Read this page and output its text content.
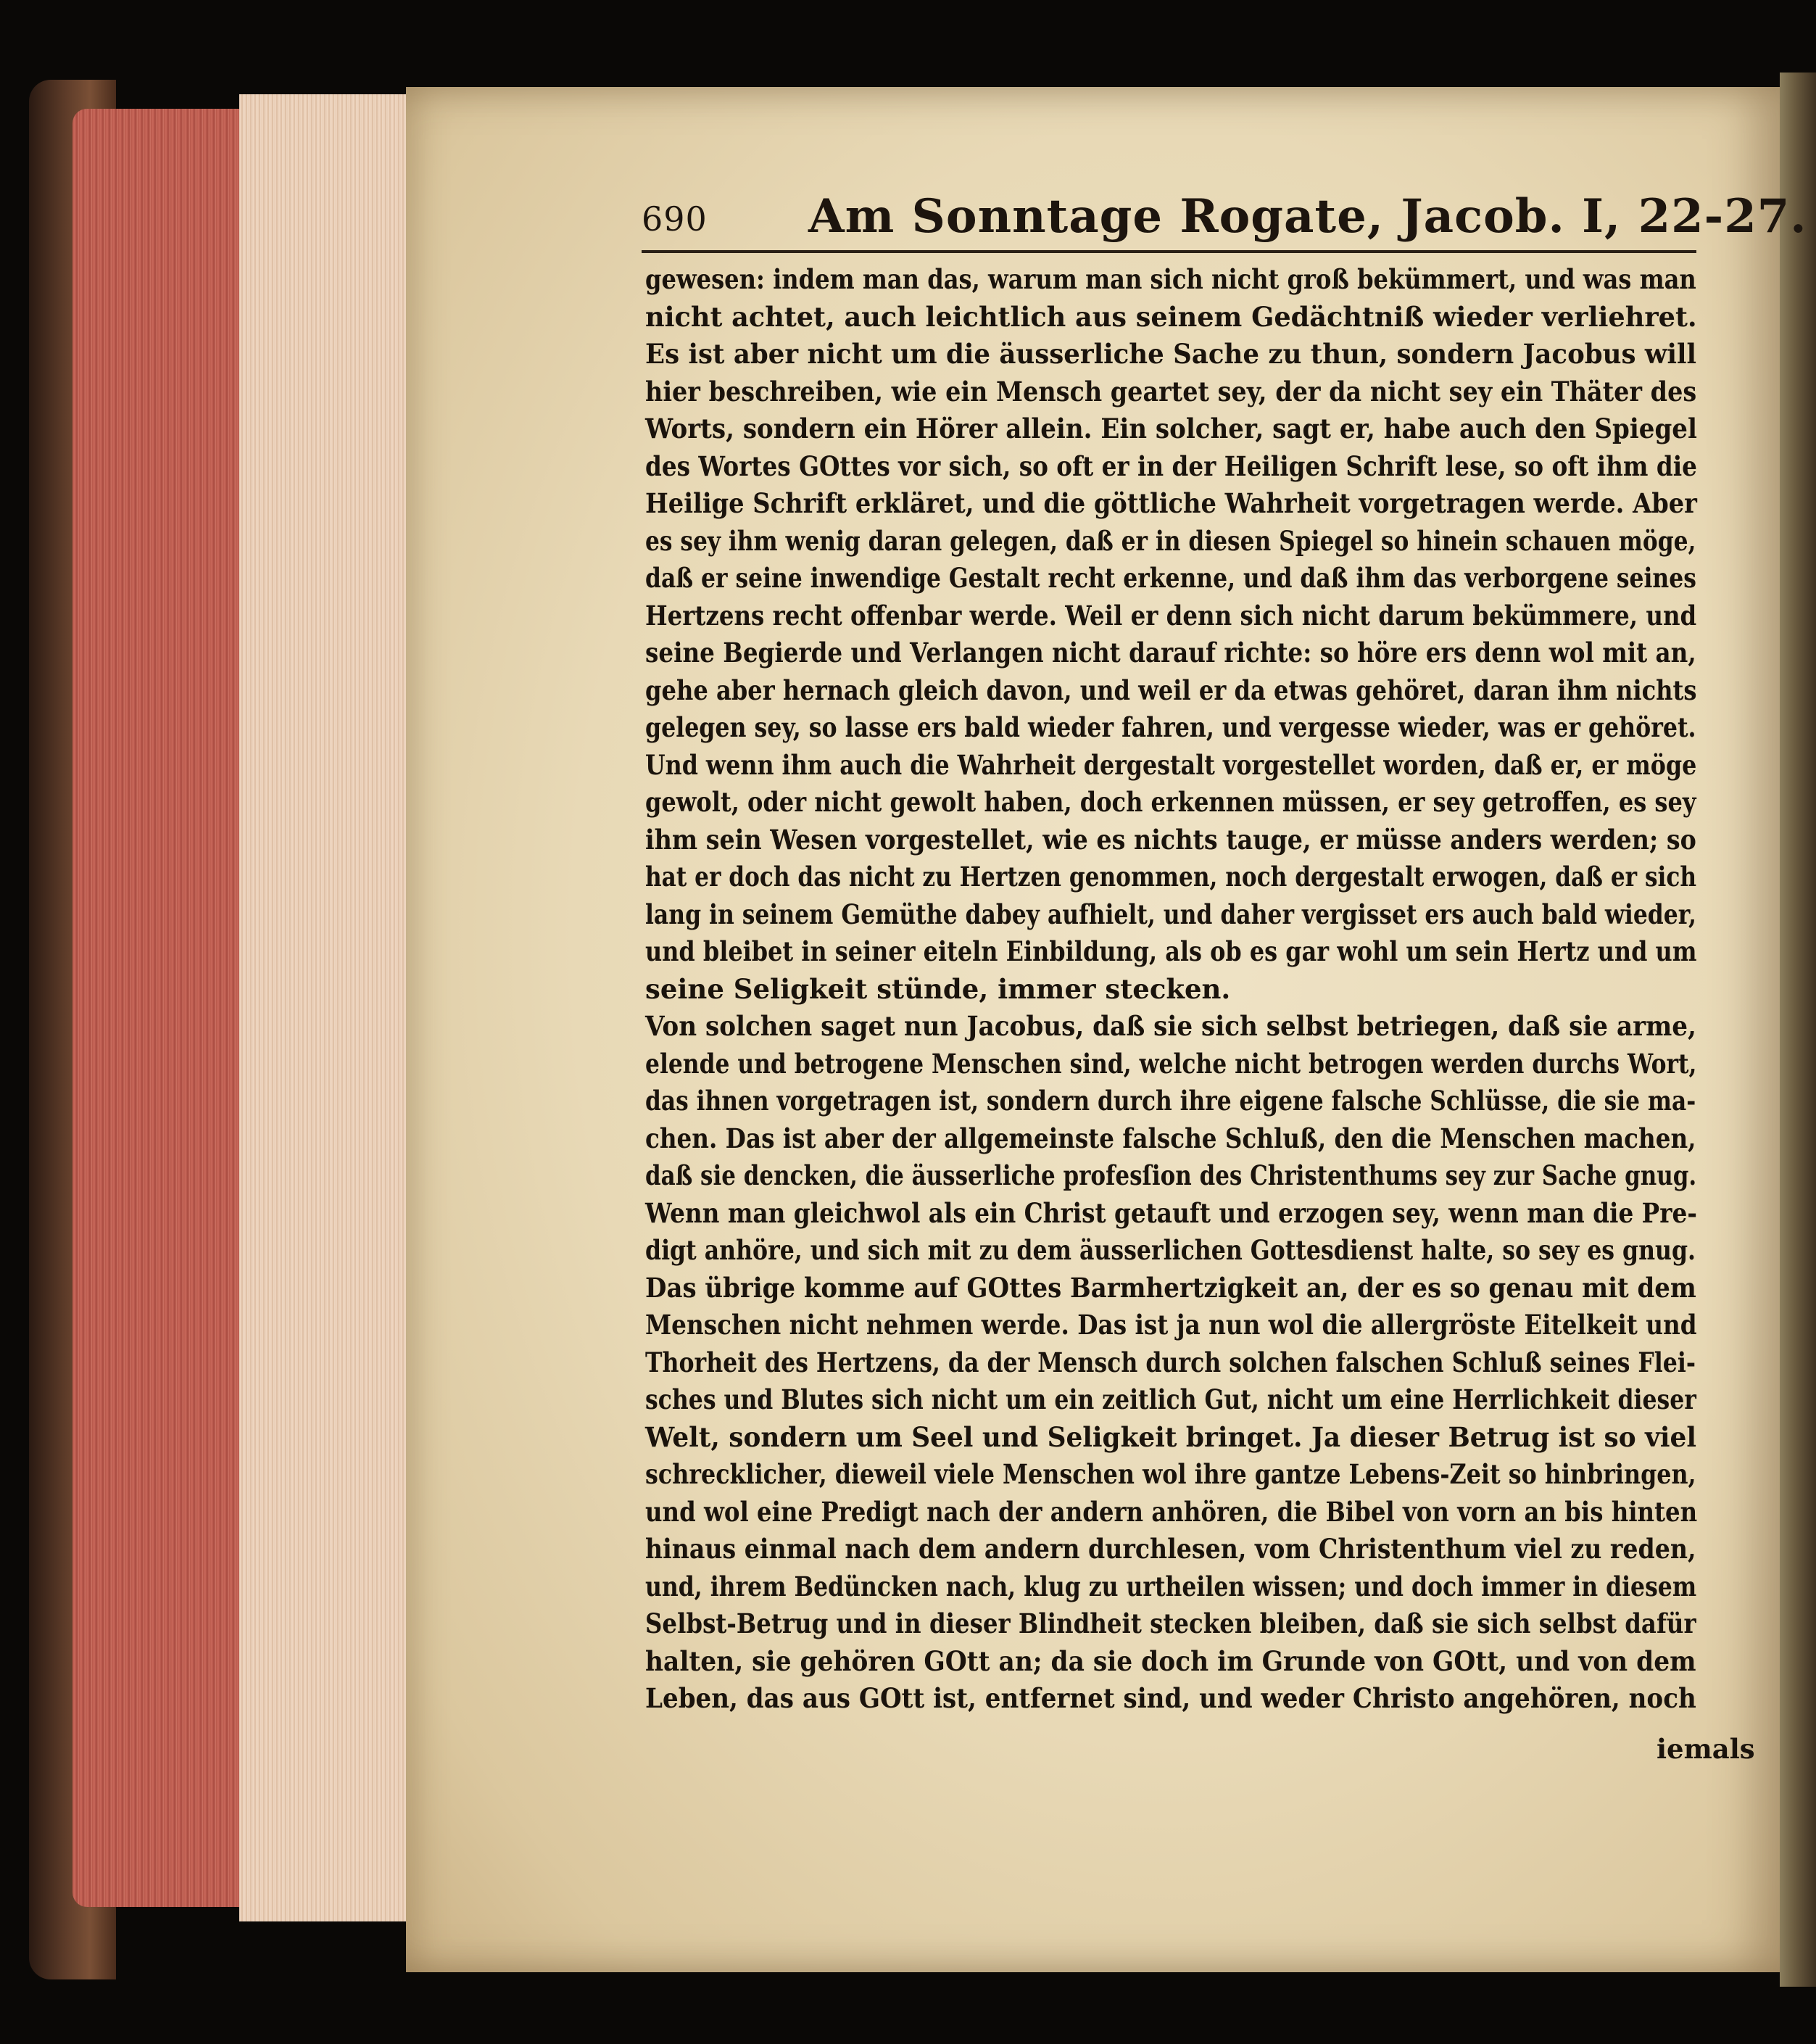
690 Am Sonntage Rogate, Jacob. I, 22-27.
gewesen: indem man das, warum man sich nicht groß bekümmert, und was man
nicht achtet, auch leichtlich aus seinem Gedächtniß wieder verliehret.
Es ist aber nicht um die äusserliche Sache zu thun, sondern Jacobus will
hier beschreiben, wie ein Mensch geartet sey, der da nicht sey ein Thäter des
Worts, sondern ein Hörer allein. Ein solcher, sagt er, habe auch den Spiegel
des Wortes GOttes vor sich, so oft er in der Heiligen Schrift lese, so oft ihm die
Heilige Schrift erkläret, und die göttliche Wahrheit vorgetragen werde. Aber
es sey ihm wenig daran gelegen, daß er in diesen Spiegel so hinein schauen möge,
daß er seine inwendige Gestalt recht erkenne, und daß ihm das verborgene seines
Hertzens recht offenbar werde. Weil er denn sich nicht darum bekümmere, und
seine Begierde und Verlangen nicht darauf richte: so höre ers denn wol mit an,
gehe aber hernach gleich davon, und weil er da etwas gehöret, daran ihm nichts
gelegen sey, so lasse ers bald wieder fahren, und vergesse wieder, was er gehöret.
Und wenn ihm auch die Wahrheit dergestalt vorgestellet worden, daß er, er möge
gewolt, oder nicht gewolt haben, doch erkennen müssen, er sey getroffen, es sey
ihm sein Wesen vorgestellet, wie es nichts tauge, er müsse anders werden; so
hat er doch das nicht zu Hertzen genommen, noch dergestalt erwogen, daß er sich
lang in seinem Gemüthe dabey aufhielt, und daher vergisset ers auch bald wieder,
und bleibet in seiner eiteln Einbildung, als ob es gar wohl um sein Hertz und um
seine Seligkeit stünde, immer stecken.
Von solchen saget nun Jacobus, daß sie sich selbst betriegen, daß sie arme,
elende und betrogene Menschen sind, welche nicht betrogen werden durchs Wort,
das ihnen vorgetragen ist, sondern durch ihre eigene falsche Schlüsse, die sie ma-
chen. Das ist aber der allgemeinste falsche Schluß, den die Menschen machen,
daß sie dencken, die äusserliche profesſion des Christenthums sey zur Sache gnug.
Wenn man gleichwol als ein Christ getauft und erzogen sey, wenn man die Pre-
digt anhöre, und sich mit zu dem äusserlichen Gottesdienst halte, so sey es gnug.
Das übrige komme auf GOttes Barmhertzigkeit an, der es so genau mit dem
Menschen nicht nehmen werde. Das ist ja nun wol die allergröste Eitelkeit und
Thorheit des Hertzens, da der Mensch durch solchen falschen Schluß seines Flei-
sches und Blutes sich nicht um ein zeitlich Gut, nicht um eine Herrlichkeit dieser
Welt, sondern um Seel und Seligkeit bringet. Ja dieser Betrug ist so viel
schrecklicher, dieweil viele Menschen wol ihre gantze Lebens-Zeit so hinbringen,
und wol eine Predigt nach der andern anhören, die Bibel von vorn an bis hinten
hinaus einmal nach dem andern durchlesen, vom Christenthum viel zu reden,
und, ihrem Bedüncken nach, klug zu urtheilen wissen; und doch immer in diesem
Selbst-Betrug und in dieser Blindheit stecken bleiben, daß sie sich selbst dafür
halten, sie gehören GOtt an; da sie doch im Grunde von GOtt, und von dem
Leben, das aus GOtt ist, entfernet sind, und weder Christo angehören, noch
iemals
